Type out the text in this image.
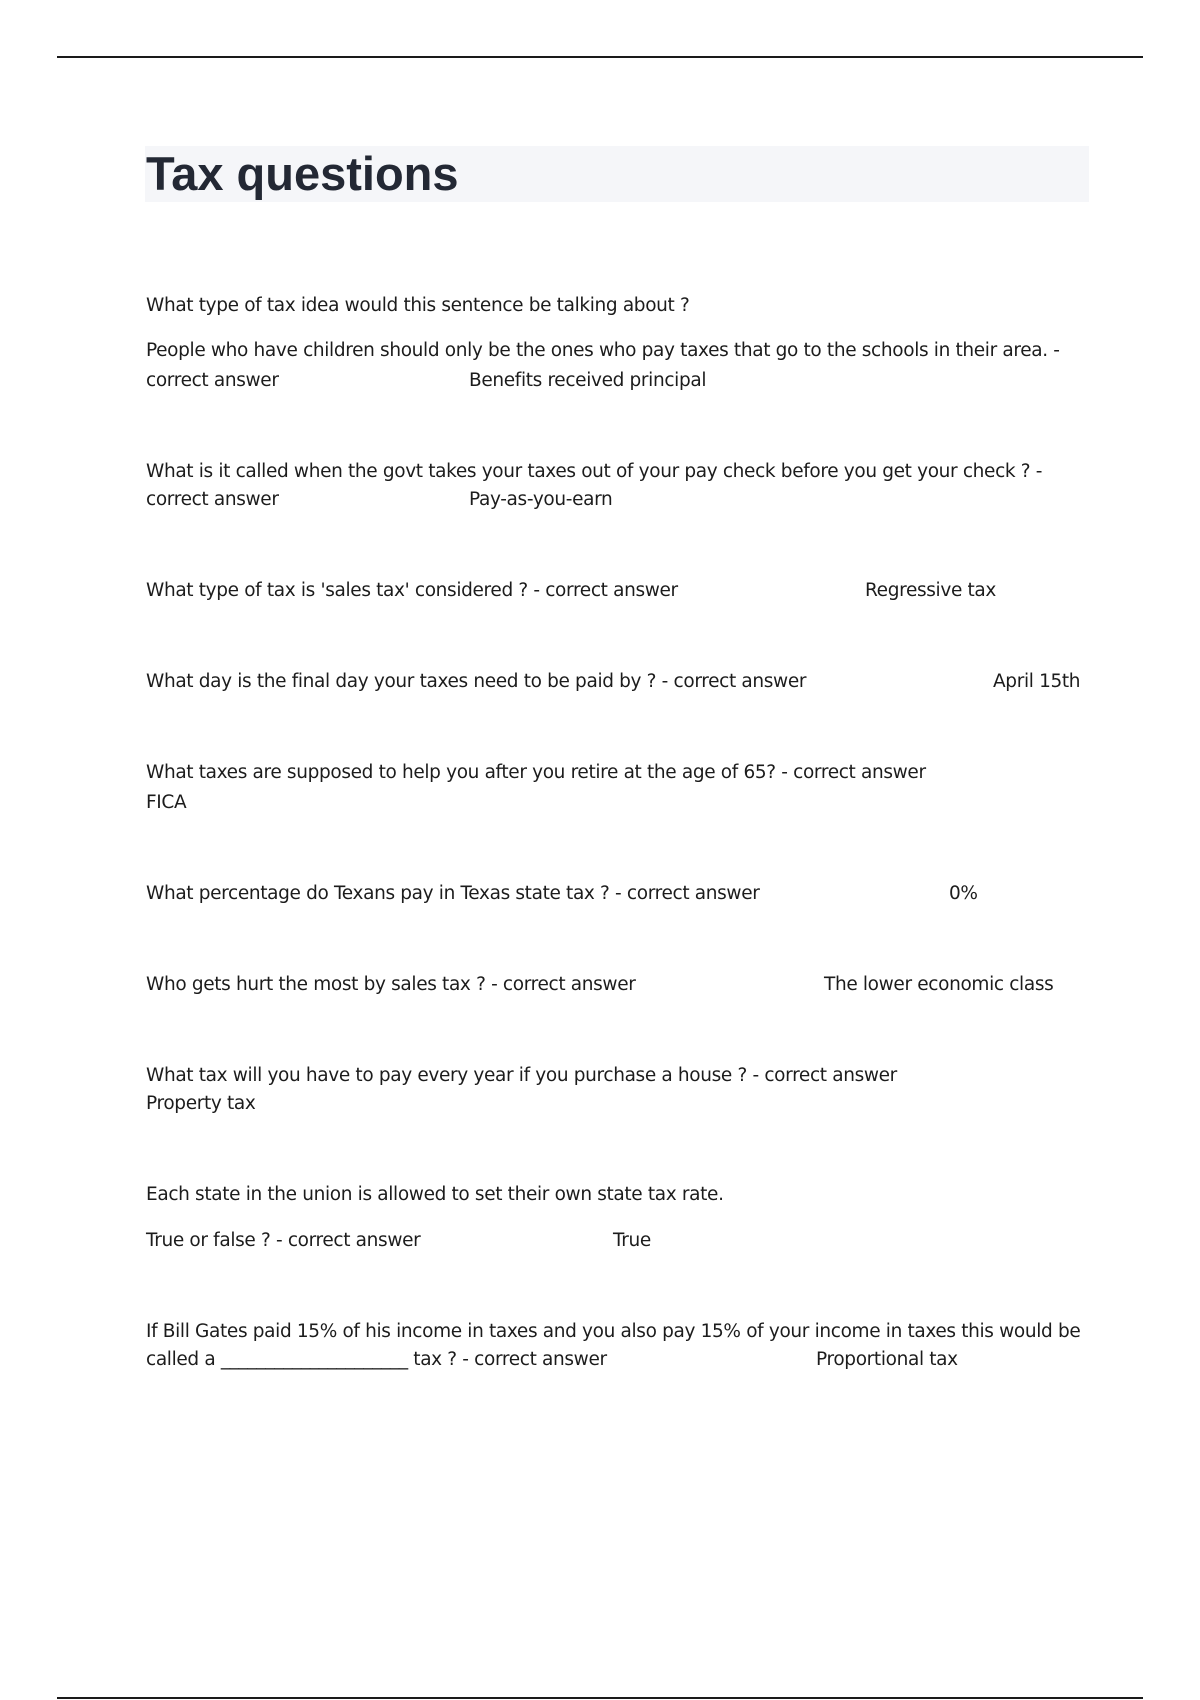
Tax questions
What type of tax idea would this sentence be talking about ?
People who have children should only be the ones who pay taxes that go to the schools in their area. -
correct answer	Benefits received principal
What is it called when the govt takes your taxes out of your pay check before you get your check ? -
correct answer	Pay-as-you-earn
What type of tax is 'sales tax' considered ? - correct answer	Regressive tax
What day is the final day your taxes need to be paid by ? - correct answer	April 15th
What taxes are supposed to help you after you retire at the age of 65? - correct answer
FICA
What percentage do Texans pay in Texas state tax ? - correct answer	0%
Who gets hurt the most by sales tax ? - correct answer	The lower economic class
What tax will you have to pay every year if you purchase a house ? - correct answer
Property tax
Each state in the union is allowed to set their own state tax rate.
True or false ? - correct answer	True
If Bill Gates paid 15% of his income in taxes and you also pay 15% of your income in taxes this would be
called a _____________________ tax ? - correct answer	Proportional tax
